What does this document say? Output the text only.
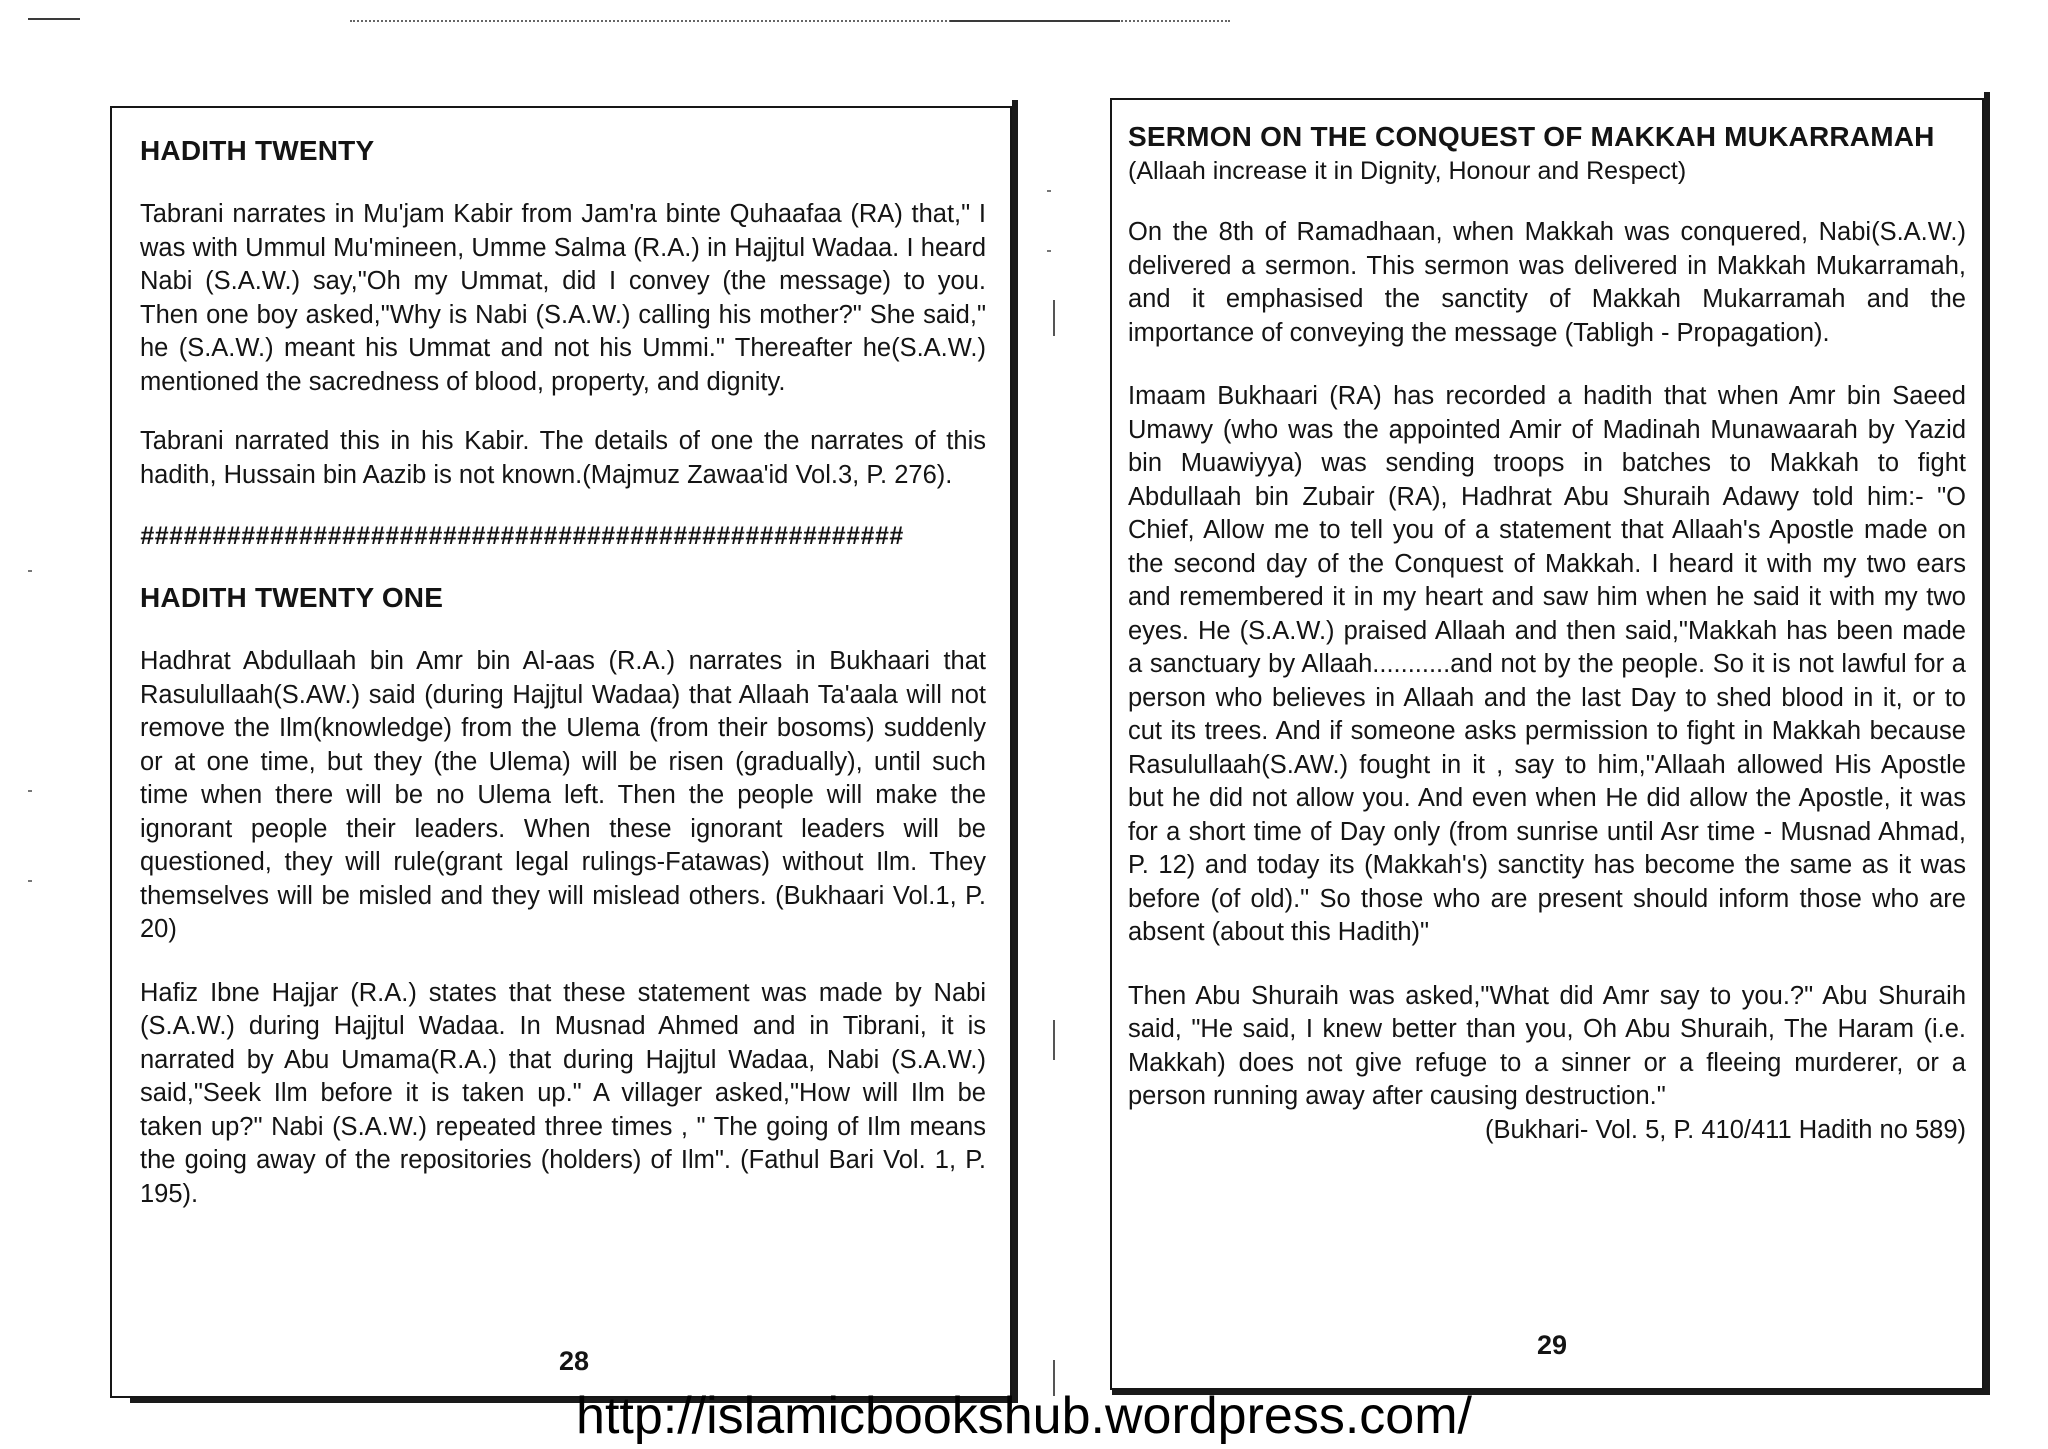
HADITH TWENTY

Tabrani narrates in Mu'jam Kabir from Jam'ra binte Quhaafaa (RA) that," I was with Ummul Mu'mineen, Umme Salma (R.A.) in Hajjtul Wadaa. I heard Nabi (S.A.W.) say,"Oh my Ummat, did I convey (the message) to you. Then one boy asked,"Why is Nabi (S.A.W.) calling his mother?" She said," he (S.A.W.) meant his Ummat and not his Ummi." Thereafter he(S.A.W.) mentioned the sacredness of blood, property, and dignity.

Tabrani narrated this in his Kabir. The details of one the narrates of this hadith, Hussain bin Aazib is not known.(Majmuz Zawaa'id Vol.3, P. 276).

#####################################################

HADITH TWENTY ONE

Hadhrat Abdullaah bin Amr bin Al-aas (R.A.) narrates in Bukhaari that Rasulullaah(S.AW.) said (during Hajjtul Wadaa) that Allaah Ta'aala will not remove the Ilm(knowledge) from the Ulema (from their bosoms) suddenly or at one time, but they (the Ulema) will be risen (gradually), until such time when there will be no Ulema left. Then the people will make the ignorant people their leaders. When these ignorant leaders will be questioned, they will rule(grant legal rulings-Fatawas) without Ilm. They themselves will be misled and they will mislead others. (Bukhaari Vol.1, P. 20)

Hafiz Ibne Hajjar (R.A.) states that these statement was made by Nabi (S.A.W.) during Hajjtul Wadaa. In Musnad Ahmed and in Tibrani, it is narrated by Abu Umama(R.A.) that during Hajjtul Wadaa, Nabi (S.A.W.) said,"Seek Ilm before it is taken up." A villager asked,"How will Ilm be taken up?" Nabi (S.A.W.) repeated three times , " The going of Ilm means the going away of the repositories (holders) of Ilm". (Fathul Bari Vol. 1, P. 195).

28
SERMON ON THE CONQUEST OF MAKKAH MUKARRAMAH

(Allaah increase it in Dignity, Honour and Respect)

On the 8th of Ramadhaan, when Makkah was conquered, Nabi(S.A.W.) delivered a sermon. This sermon was delivered in Makkah Mukarramah, and it emphasised the sanctity of Makkah Mukarramah and the importance of conveying the message (Tabligh - Propagation).

Imaam Bukhaari (RA) has recorded a hadith that when Amr bin Saeed Umawy (who was the appointed Amir of Madinah Munawaarah by Yazid bin Muawiyya) was sending troops in batches to Makkah to fight Abdullaah bin Zubair (RA), Hadhrat Abu Shuraih Adawy told him:- "O Chief, Allow me to tell you of a statement that Allaah's Apostle made on the second day of the Conquest of Makkah. I heard it with my two ears and remembered it in my heart and saw him when he said it with my two eyes. He (S.A.W.) praised Allaah and then said,"Makkah has been made a sanctuary by Allaah...........and not by the people. So it is not lawful for a person who believes in Allaah and the last Day to shed blood in it, or to cut its trees. And if someone asks permission to fight in Makkah because Rasulullaah(S.AW.) fought in it , say to him,"Allaah allowed His Apostle but he did not allow you. And even when He did allow the Apostle, it was for a short time of Day only (from sunrise until Asr time - Musnad Ahmad, P. 12) and today its (Makkah's) sanctity has become the same as it was before (of old)." So those who are present should inform those who are absent (about this Hadith)"

Then Abu Shuraih was asked,"What did Amr say to you.?" Abu Shuraih said, "He said, I knew better than you, Oh Abu Shuraih, The Haram (i.e. Makkah) does not give refuge to a sinner or a fleeing murderer, or a person running away after causing destruction."

(Bukhari- Vol. 5, P. 410/411 Hadith no 589)

29
http://islamicbookshub.wordpress.com/
